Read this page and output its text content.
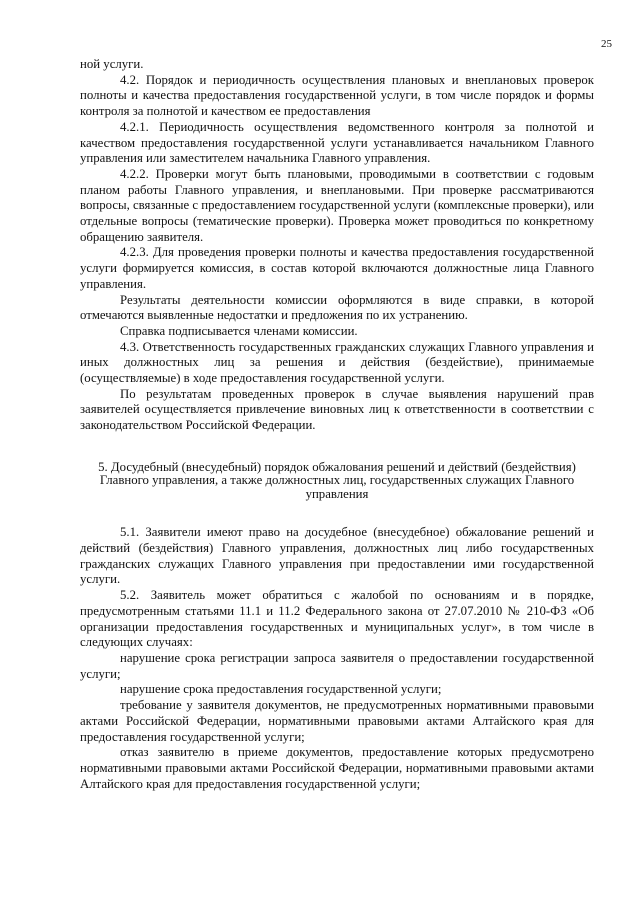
25

ной услуги.

4.2. Порядок и периодичность осуществления плановых и внеплановых проверок полноты и качества предоставления государственной услуги, в том числе порядок и формы контроля за полнотой и качеством ее предоставления

4.2.1. Периодичность осуществления ведомственного контроля за полнотой и качеством предоставления государственной услуги устанавливается начальником Главного управления или заместителем начальника Главного управления.

4.2.2. Проверки могут быть плановыми, проводимыми в соответствии с годовым планом работы Главного управления, и внеплановыми. При проверке рассматриваются вопросы, связанные с предоставлением государственной услуги (комплексные проверки), или отдельные вопросы (тематические проверки). Проверка может проводиться по конкретному обращению заявителя.

4.2.3. Для проведения проверки полноты и качества предоставления государственной услуги формируется комиссия, в состав которой включаются должностные лица Главного управления.

Результаты деятельности комиссии оформляются в виде справки, в которой отмечаются выявленные недостатки и предложения по их устранению.

Справка подписывается членами комиссии.

4.3. Ответственность государственных гражданских служащих Главного управления и иных должностных лиц за решения и действия (бездействие), принимаемые (осуществляемые) в ходе предоставления государственной услуги.

По результатам проведенных проверок в случае выявления нарушений прав заявителей осуществляется привлечение виновных лиц к ответственности в соответствии с законодательством Российской Федерации.

5. Досудебный (внесудебный) порядок обжалования решений и действий (бездействия) Главного управления, а также должностных лиц, государственных служащих Главного управления

5.1. Заявители имеют право на досудебное (внесудебное) обжалование решений и действий (бездействия) Главного управления, должностных лиц либо государственных гражданских служащих Главного управления при предоставлении ими государственной услуги.

5.2. Заявитель может обратиться с жалобой по основаниям и в порядке, предусмотренным статьями 11.1 и 11.2 Федерального закона от 27.07.2010 № 210-ФЗ «Об организации предоставления государственных и муниципальных услуг», в том числе в следующих случаях:

нарушение срока регистрации запроса заявителя о предоставлении государственной услуги;

нарушение срока предоставления государственной услуги;

требование у заявителя документов, не предусмотренных нормативными правовыми актами Российской Федерации, нормативными правовыми актами Алтайского края для предоставления государственной услуги;

отказ заявителю в приеме документов, предоставление которых предусмотрено нормативными правовыми актами Российской Федерации, нормативными правовыми актами Алтайского края для предоставления государственной услуги;
